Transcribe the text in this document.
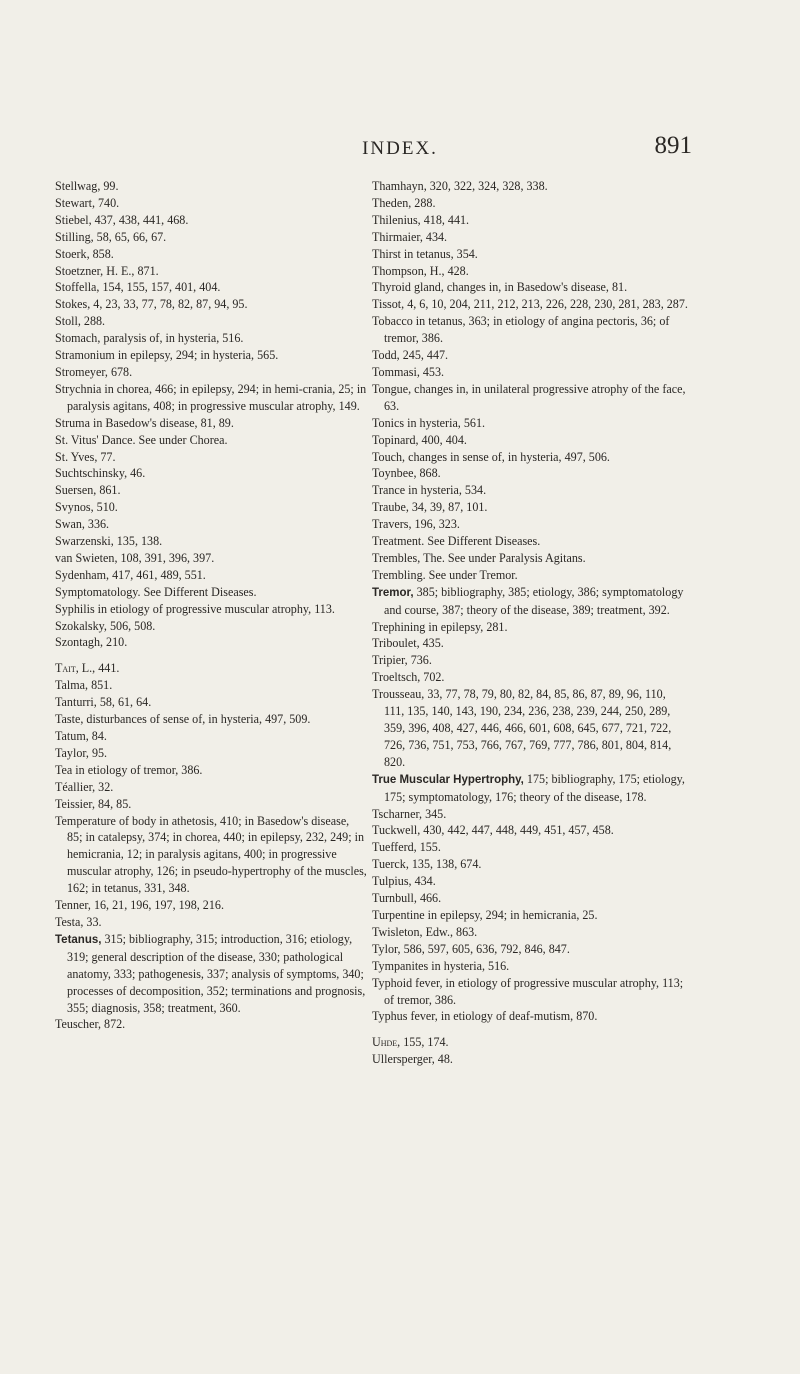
INDEX.	891

Stellwag, 99.

Stewart, 740.

Stiebel, 437, 438, 441, 468.

Stilling, 58, 65, 66, 67.

Stoerk, 858.

Stoetzner, H. E., 871.

Stoffella, 154, 155, 157, 401, 404.

Stokes, 4, 23, 33, 77, 78, 82, 87, 94, 95.

Stoll, 288.

Stomach, paralysis of, in hysteria, 516.

Stramonium in epilepsy, 294; in hysteria, 565.

Stromeyer, 678.

Strychnia in chorea, 466; in epilepsy, 294; in hemi-crania, 25; in paralysis agitans, 408; in progressive muscular atrophy, 149.

Struma in Basedow's disease, 81, 89.

St. Vitus' Dance. See under Chorea.

St. Yves, 77.

Suchtschinsky, 46.

Suersen, 861.

Svynos, 510.

Swan, 336.

Swarzenski, 135, 138.

van Swieten, 108, 391, 396, 397.

Sydenham, 417, 461, 489, 551.

Symptomatology. See Different Diseases.

Syphilis in etiology of progressive muscular atrophy, 113.

Szokalsky, 506, 508.

Szontagh, 210.

Tait, L., 441.

Talma, 851.

Tanturri, 58, 61, 64.

Taste, disturbances of sense of, in hysteria, 497, 509.

Tatum, 84.

Taylor, 95.

Tea in etiology of tremor, 386.

Téallier, 32.

Teissier, 84, 85.

Temperature of body in athetosis, 410; in Basedow's disease, 85; in catalepsy, 374; in chorea, 440; in epilepsy, 232, 249; in hemicrania, 12; in paralysis agitans, 400; in progressive muscular atrophy, 126; in pseudo-hypertrophy of the muscles, 162; in tetanus, 331, 348.

Tenner, 16, 21, 196, 197, 198, 216.

Testa, 33.

Tetanus, 315; bibliography, 315; introduction, 316; etiology, 319; general description of the disease, 330; pathological anatomy, 333; pathogenesis, 337; analysis of symptoms, 340; processes of decomposition, 352; terminations and prognosis, 355; diagnosis, 358; treatment, 360.

Teuscher, 872.

Thamhayn, 320, 322, 324, 328, 338.

Theden, 288.

Thilenius, 418, 441.

Thirmaier, 434.

Thirst in tetanus, 354.

Thompson, H., 428.

Thyroid gland, changes in, in Basedow's disease, 81.

Tissot, 4, 6, 10, 204, 211, 212, 213, 226, 228, 230, 281, 283, 287.

Tobacco in tetanus, 363; in etiology of angina pectoris, 36; of tremor, 386.

Todd, 245, 447.

Tommasi, 453.

Tongue, changes in, in unilateral progressive atrophy of the face, 63.

Tonics in hysteria, 561.

Topinard, 400, 404.

Touch, changes in sense of, in hysteria, 497, 506.

Toynbee, 868.

Trance in hysteria, 534.

Traube, 34, 39, 87, 101.

Travers, 196, 323.

Treatment. See Different Diseases.

Trembles, The. See under Paralysis Agitans.

Trembling. See under Tremor.

Tremor, 385; bibliography, 385; etiology, 386; symptomatology and course, 387; theory of the disease, 389; treatment, 392.

Trephining in epilepsy, 281.

Triboulet, 435.

Tripier, 736.

Troeltsch, 702.

Trousseau, 33, 77, 78, 79, 80, 82, 84, 85, 86, 87, 89, 96, 110, 111, 135, 140, 143, 190, 234, 236, 238, 239, 244, 250, 289, 359, 396, 408, 427, 446, 466, 601, 608, 645, 677, 721, 722, 726, 736, 751, 753, 766, 767, 769, 777, 786, 801, 804, 814, 820.

True Muscular Hypertrophy, 175; bibliography, 175; etiology, 175; symptomatology, 176; theory of the disease, 178.

Tscharner, 345.

Tuckwell, 430, 442, 447, 448, 449, 451, 457, 458.

Tuefferd, 155.

Tuerck, 135, 138, 674.

Tulpius, 434.

Turnbull, 466.

Turpentine in epilepsy, 294; in hemicrania, 25.

Twisleton, Edw., 863.

Tylor, 586, 597, 605, 636, 792, 846, 847.

Tympanites in hysteria, 516.

Typhoid fever, in etiology of progressive muscular atrophy, 113; of tremor, 386.

Typhus fever, in etiology of deaf-mutism, 870.

Uhde, 155, 174.

Ullersperger, 48.
